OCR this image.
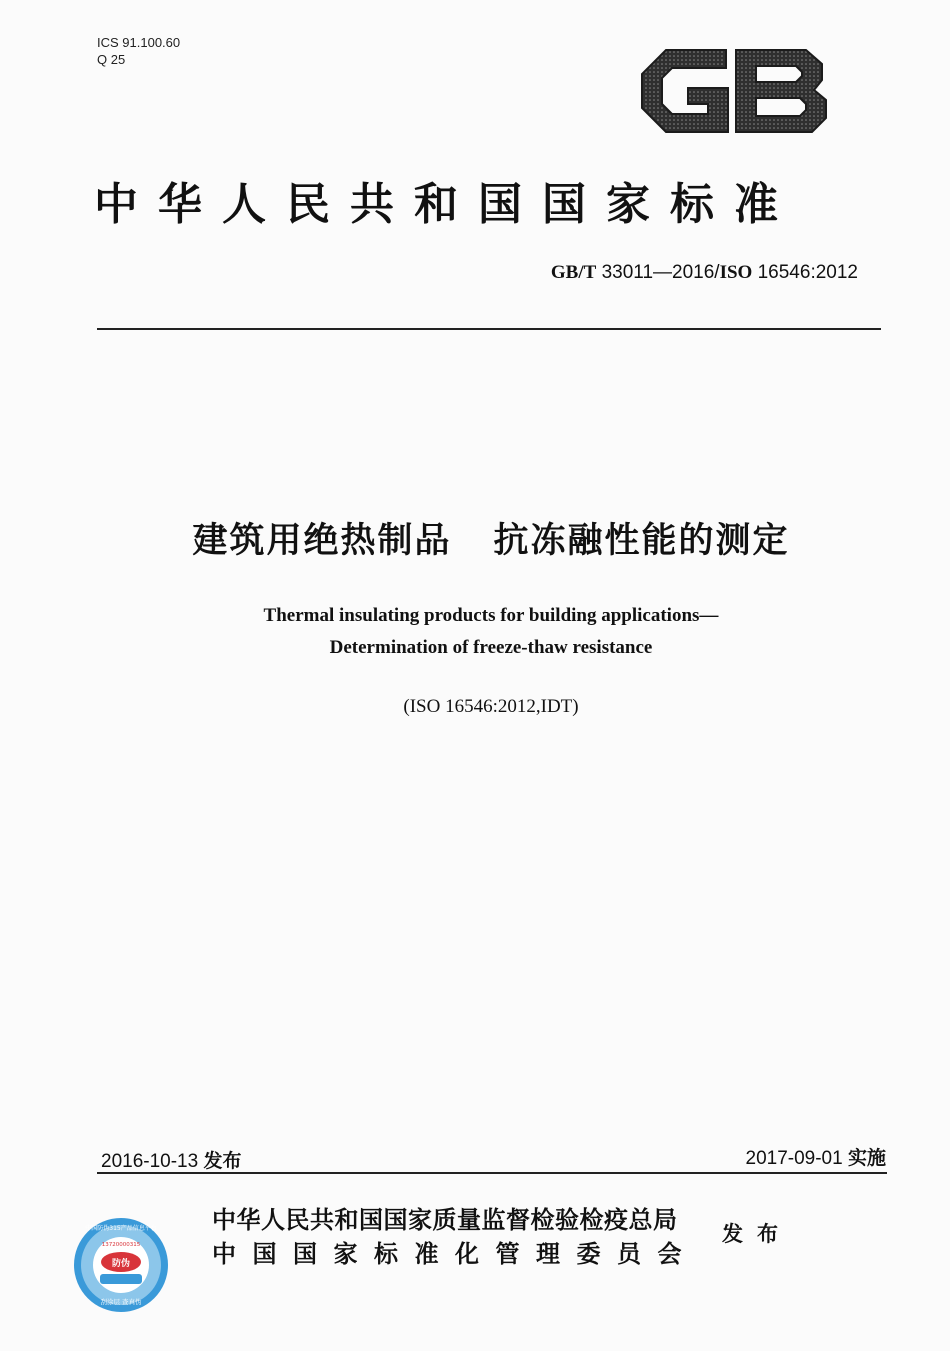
ICS 91.100.60
Q 25
中华人民共和国国家标准
GB/T 33011—2016/ISO 16546:2012
建筑用绝热制品 抗冻融性能的测定
Thermal insulating products for building applications—
Determination of freeze-thaw resistance
(ISO 16546:2012,IDT)
2016-10-13 发布	2017-09-01 实施
中国防伪315产品信息平台
13720000315
防伪
刮涂层 查真伪
中华人民共和国国家质量监督检验检疫总局
中国国家标准化管理委员会
发布
